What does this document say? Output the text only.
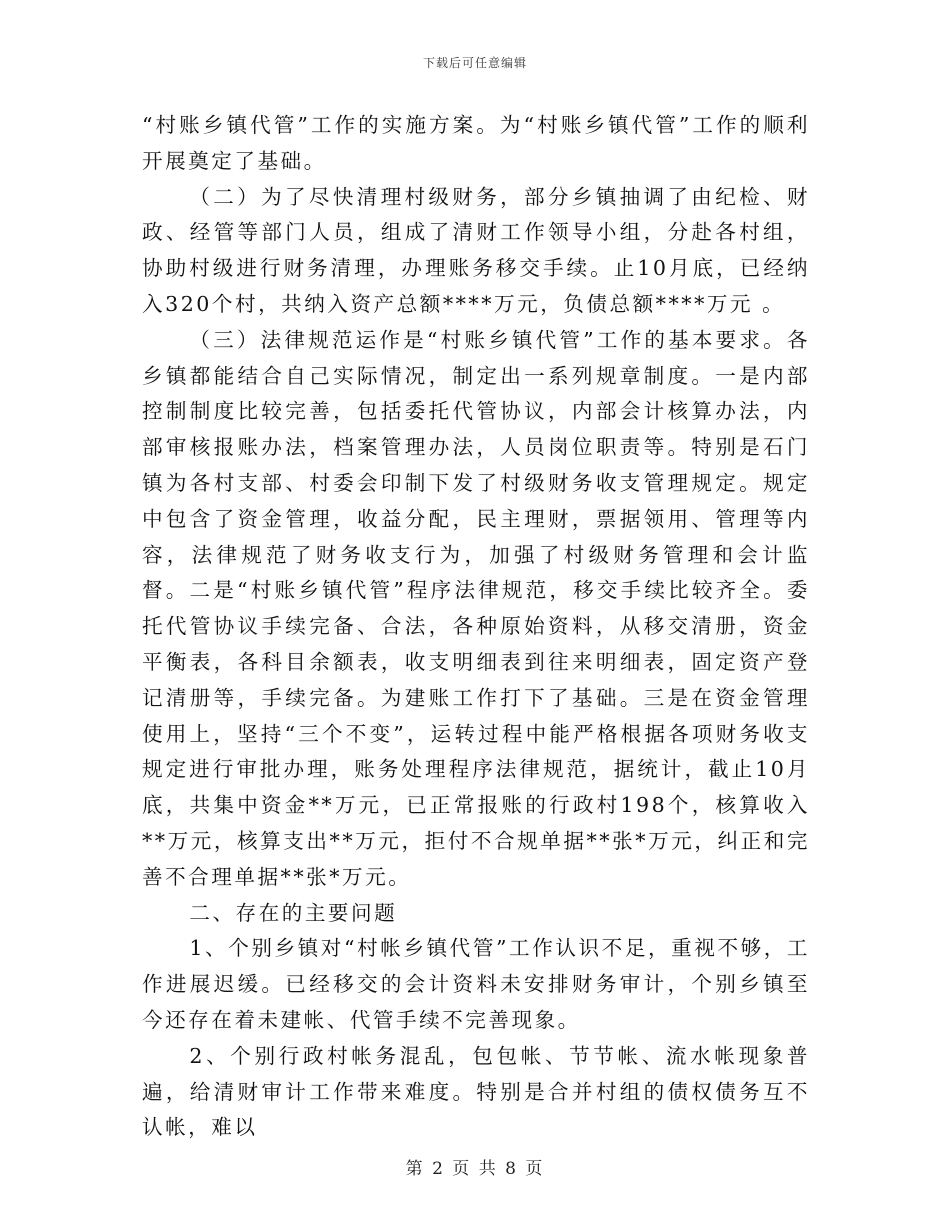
下载后可任意编辑

“村账乡镇代管”工作的实施方案。为“村账乡镇代管”工作的顺利开展奠定了基础。

（二）为了尽快清理村级财务，部分乡镇抽调了由纪检、财政、经管等部门人员，组成了清财工作领导小组，分赴各村组，协助村级进行财务清理，办理账务移交手续。止10月底，已经纳入320个村，共纳入资产总额****万元，负债总额****万元 。

（三）法律规范运作是“村账乡镇代管”工作的基本要求。各乡镇都能结合自己实际情况，制定出一系列规章制度。一是内部控制制度比较完善，包括委托代管协议，内部会计核算办法，内部审核报账办法，档案管理办法，人员岗位职责等。特别是石门镇为各村支部、村委会印制下发了村级财务收支管理规定。规定中包含了资金管理，收益分配，民主理财，票据领用、管理等内容，法律规范了财务收支行为，加强了村级财务管理和会计监督。二是“村账乡镇代管”程序法律规范，移交手续比较齐全。委托代管协议手续完备、合法，各种原始资料，从移交清册，资金平衡表，各科目余额表，收支明细表到往来明细表，固定资产登记清册等，手续完备。为建账工作打下了基础。三是在资金管理使用上，坚持“三个不变”，运转过程中能严格根据各项财务收支规定进行审批办理，账务处理程序法律规范，据统计，截止10月底，共集中资金**万元，已正常报账的行政村198个，核算收入**万元，核算支出**万元，拒付不合规单据**张*万元，纠正和完善不合理单据**张*万元。

二、存在的主要问题

1、个别乡镇对“村帐乡镇代管”工作认识不足，重视不够，工作进展迟缓。已经移交的会计资料未安排财务审计，个别乡镇至今还存在着未建帐、代管手续不完善现象。

2、个别行政村帐务混乱，包包帐、节节帐、流水帐现象普遍，给清财审计工作带来难度。特别是合并村组的债权债务互不认帐，难以

第 2 页 共 8 页
